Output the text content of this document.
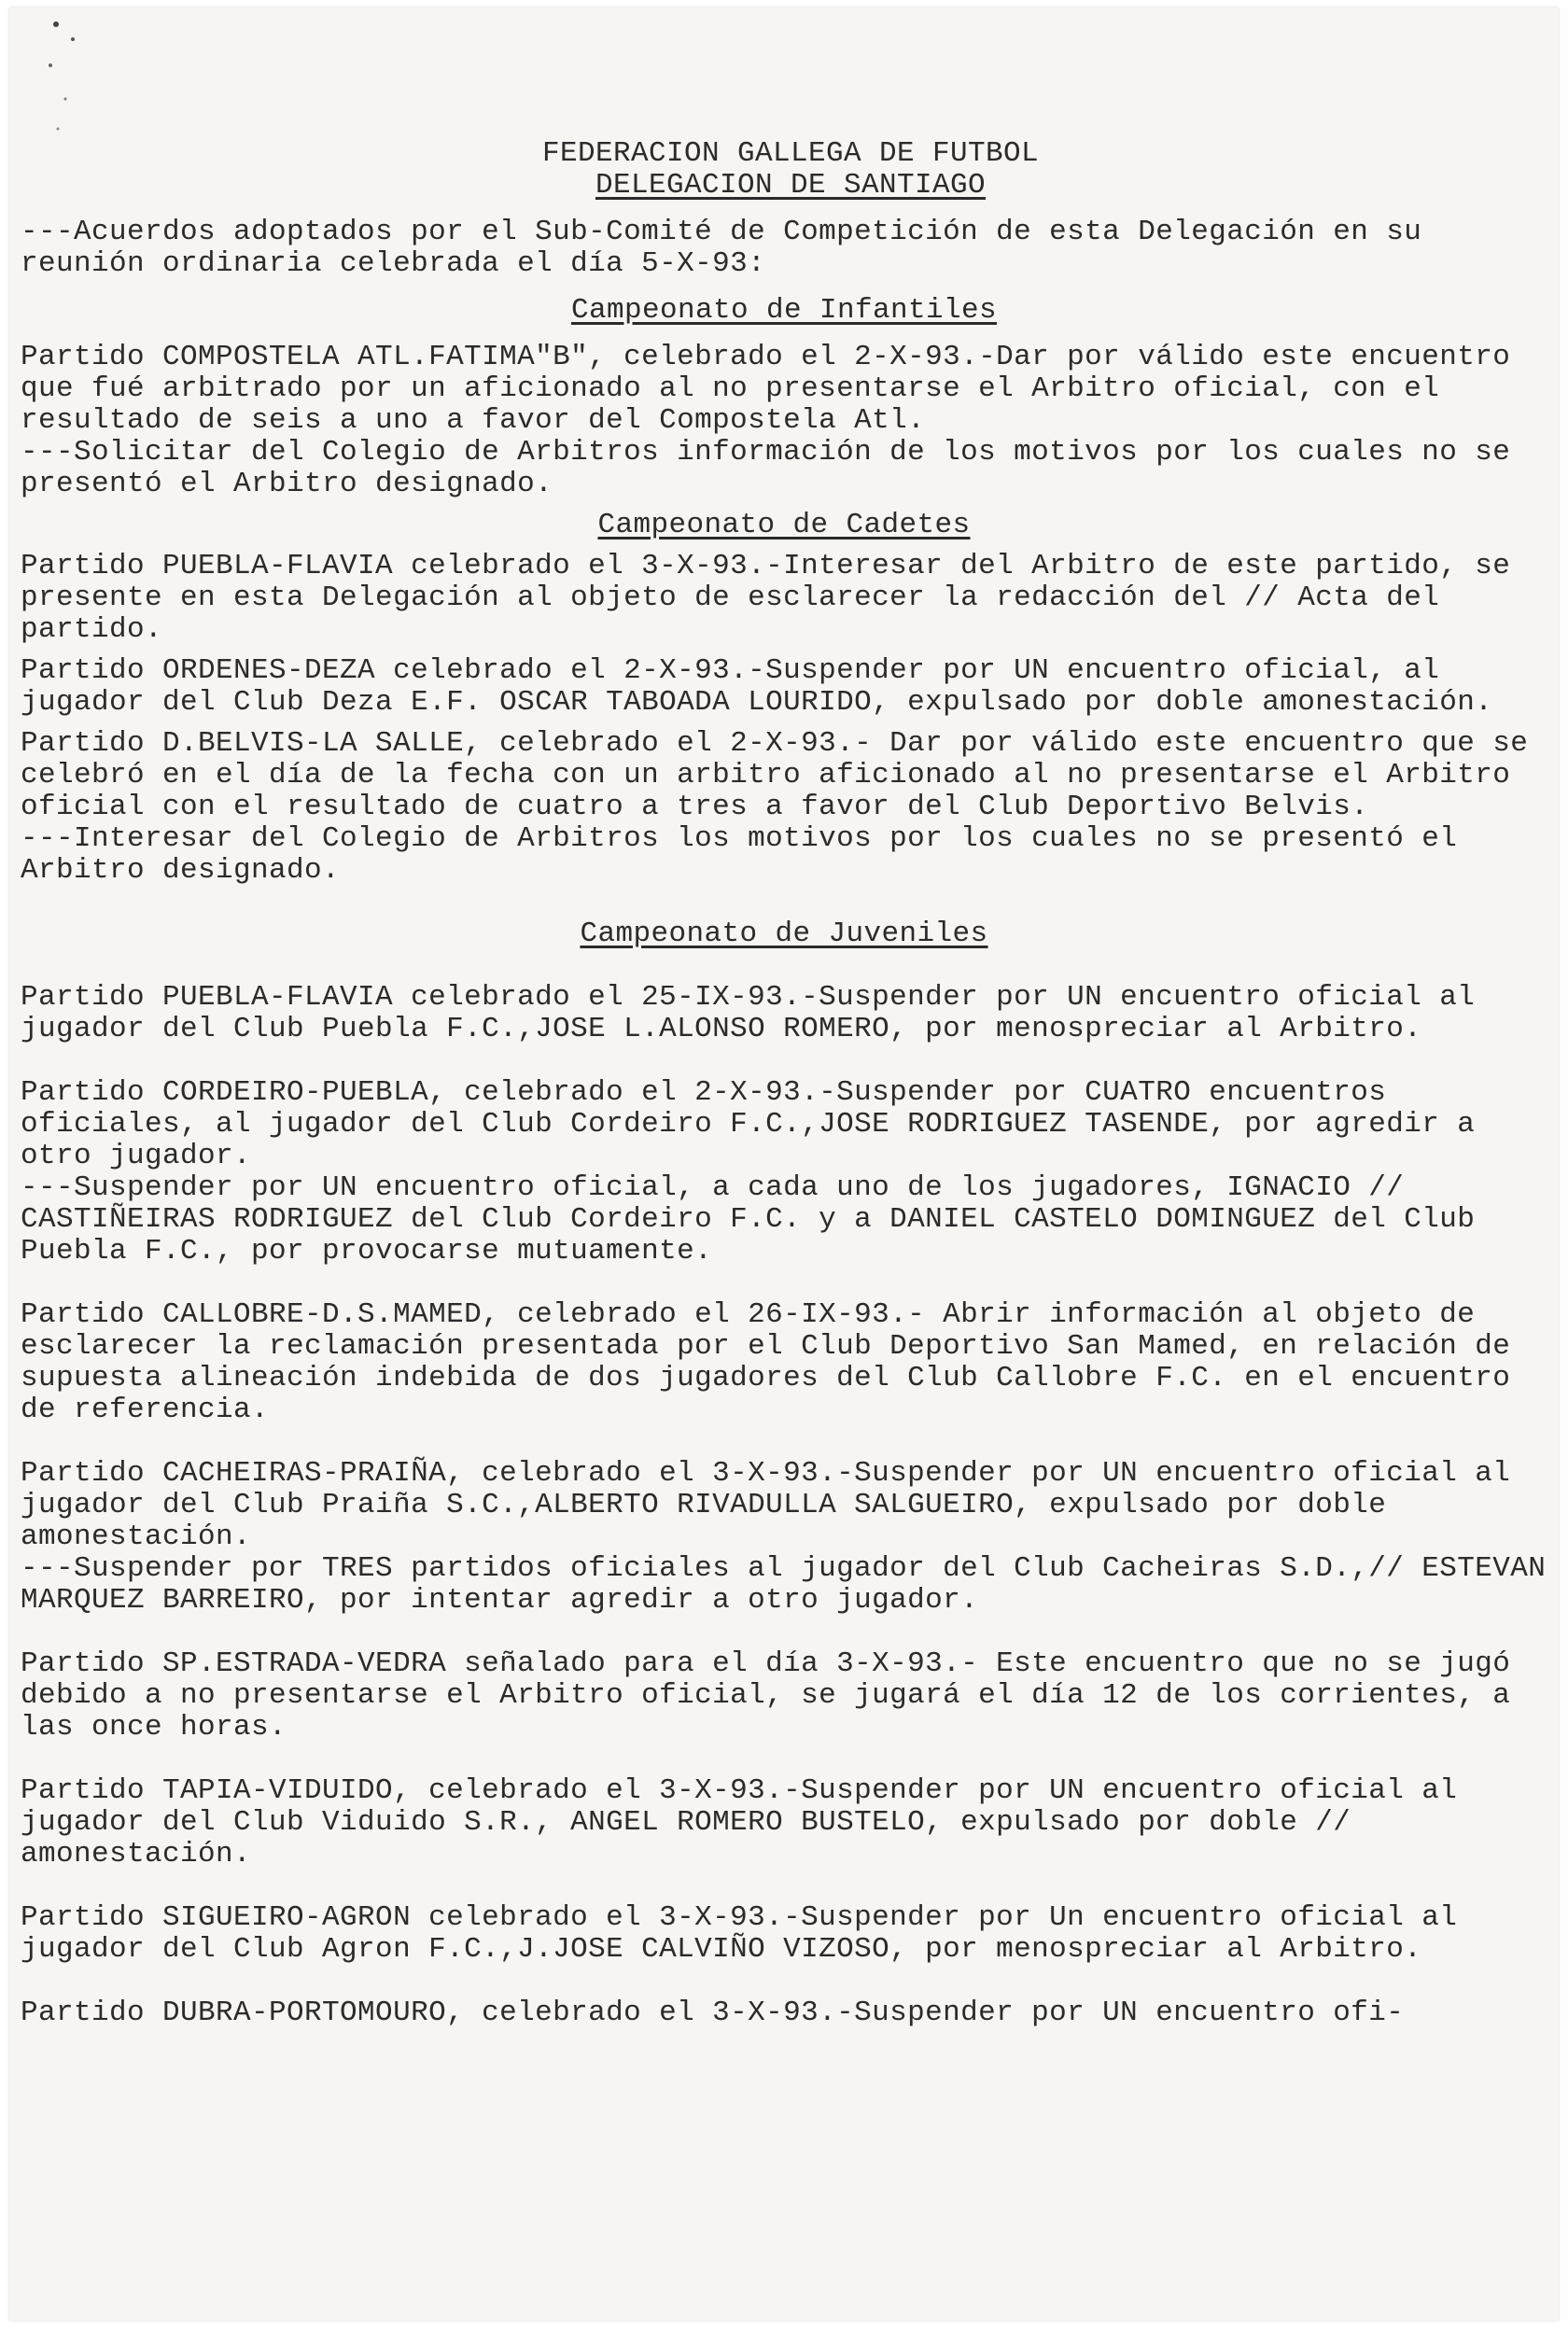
FEDERACION GALLEGA DE FUTBOL

DELEGACION DE SANTIAGO

---Acuerdos adoptados por el Sub-Comité de Competición de esta Delegación en su reunión ordinaria celebrada el día 5-X-93:

Campeonato de Infantiles

Partido COMPOSTELA ATL.FATIMA"B", celebrado el 2-X-93.-Dar por válido este encuentro que fué arbitrado por un aficionado al no presentarse el Arbitro oficial, con el resultado de seis a uno a favor del Compostela Atl.

---Solicitar del Colegio de Arbitros información de los motivos por los cuales no se presentó el Arbitro designado.

Campeonato de Cadetes

Partido PUEBLA-FLAVIA celebrado el 3-X-93.-Interesar del Arbitro de este partido, se presente en esta Delegación al objeto de esclarecer la redacción del // Acta del partido.

Partido ORDENES-DEZA celebrado el 2-X-93.-Suspender por UN encuentro oficial, al jugador del Club Deza E.F. OSCAR TABOADA LOURIDO, expulsado por doble amonestación.

Partido D.BELVIS-LA SALLE, celebrado el 2-X-93.- Dar por válido este encuentro que se celebró en el día de la fecha con un arbitro aficionado al no presentarse el Arbitro oficial con el resultado de cuatro a tres a favor del Club Deportivo Belvis.

---Interesar del Colegio de Arbitros los motivos por los cuales no se presentó el Arbitro designado.

Campeonato de Juveniles

Partido PUEBLA-FLAVIA celebrado el 25-IX-93.-Suspender por UN encuentro oficial al jugador del Club Puebla F.C.,JOSE L.ALONSO ROMERO, por menospreciar al Arbitro.

Partido CORDEIRO-PUEBLA, celebrado el 2-X-93.-Suspender por CUATRO encuentros oficiales, al jugador del Club Cordeiro F.C.,JOSE RODRIGUEZ TASENDE, por agredir a otro jugador.

---Suspender por UN encuentro oficial, a cada uno de los jugadores, IGNACIO // CASTIÑEIRAS RODRIGUEZ del Club Cordeiro F.C. y a DANIEL CASTELO DOMINGUEZ del Club Puebla F.C., por provocarse mutuamente.

Partido CALLOBRE-D.S.MAMED, celebrado el 26-IX-93.- Abrir información al objeto de esclarecer la reclamación presentada por el Club Deportivo San Mamed, en relación de supuesta alineación indebida de dos jugadores del Club Callobre F.C. en el encuentro de referencia.

Partido CACHEIRAS-PRAIÑA, celebrado el 3-X-93.-Suspender por UN encuentro oficial al jugador del Club Praiña S.C.,ALBERTO RIVADULLA SALGUEIRO, expulsado por doble amonestación.

---Suspender por TRES partidos oficiales al jugador del Club Cacheiras S.D.,// ESTEVAN MARQUEZ BARREIRO, por intentar agredir a otro jugador.

Partido SP.ESTRADA-VEDRA señalado para el día 3-X-93.- Este encuentro que no se jugó debido a no presentarse el Arbitro oficial, se jugará el día 12 de los corrientes, a las once horas.

Partido TAPIA-VIDUIDO, celebrado el 3-X-93.-Suspender por UN encuentro oficial al jugador del Club Viduido S.R., ANGEL ROMERO BUSTELO, expulsado por doble // amonestación.

Partido SIGUEIRO-AGRON celebrado el 3-X-93.-Suspender por Un encuentro oficial al jugador del Club Agron F.C.,J.JOSE CALVIÑO VIZOSO, por menospreciar al Arbitro.

Partido DUBRA-PORTOMOURO, celebrado el 3-X-93.-Suspender por UN encuentro ofi-
